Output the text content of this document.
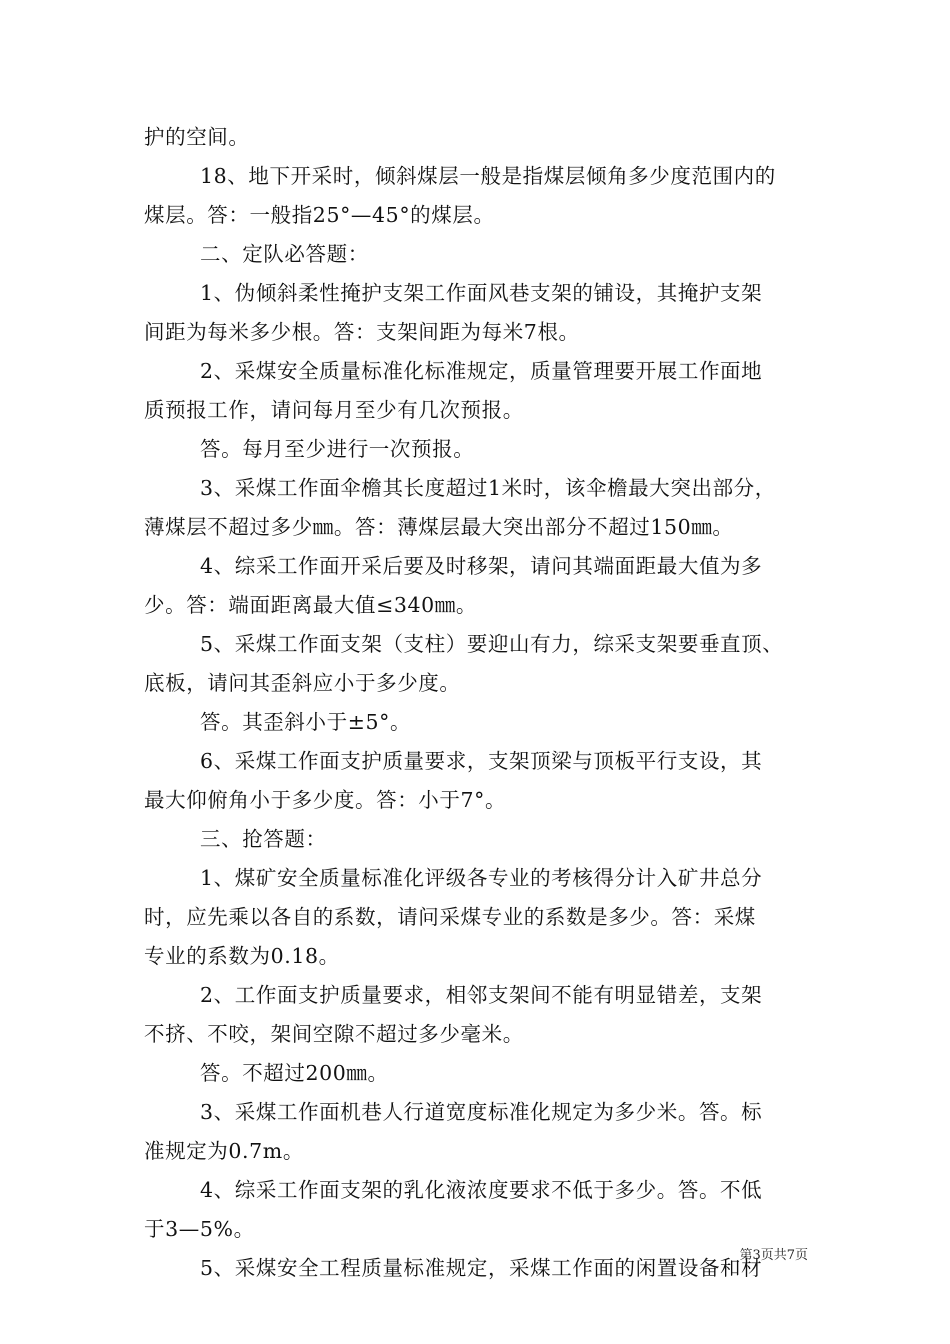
护的空间。
18、地下开采时，倾斜煤层一般是指煤层倾角多少度范围内的
煤层。答：一般指25°—45°的煤层。
二、定队必答题：
1、伪倾斜柔性掩护支架工作面风巷支架的铺设，其掩护支架
间距为每米多少根。答：支架间距为每米7根。
2、采煤安全质量标准化标准规定，质量管理要开展工作面地
质预报工作，请问每月至少有几次预报。
答。每月至少进行一次预报。
3、采煤工作面伞檐其长度超过1米时，该伞檐最大突出部分，
薄煤层不超过多少㎜。答：薄煤层最大突出部分不超过150㎜。
4、综采工作面开采后要及时移架，请问其端面距最大值为多
少。答：端面距离最大值≤340㎜。
5、采煤工作面支架（支柱）要迎山有力，综采支架要垂直顶、
底板，请问其歪斜应小于多少度。
答。其歪斜小于±5°。
6、采煤工作面支护质量要求，支架顶梁与顶板平行支设，其
最大仰俯角小于多少度。答：小于7°。
三、抢答题：
1、煤矿安全质量标准化评级各专业的考核得分计入矿井总分
时，应先乘以各自的系数，请问采煤专业的系数是多少。答：采煤
专业的系数为0.18。
2、工作面支护质量要求，相邻支架间不能有明显错差，支架
不挤、不咬，架间空隙不超过多少毫米。
答。不超过200㎜。
3、采煤工作面机巷人行道宽度标准化规定为多少米。答。标
准规定为0.7m。
4、综采工作面支架的乳化液浓度要求不低于多少。答。不低
于3—5%。
5、采煤安全工程质量标准规定，采煤工作面的闲置设备和材
第3页共7页
